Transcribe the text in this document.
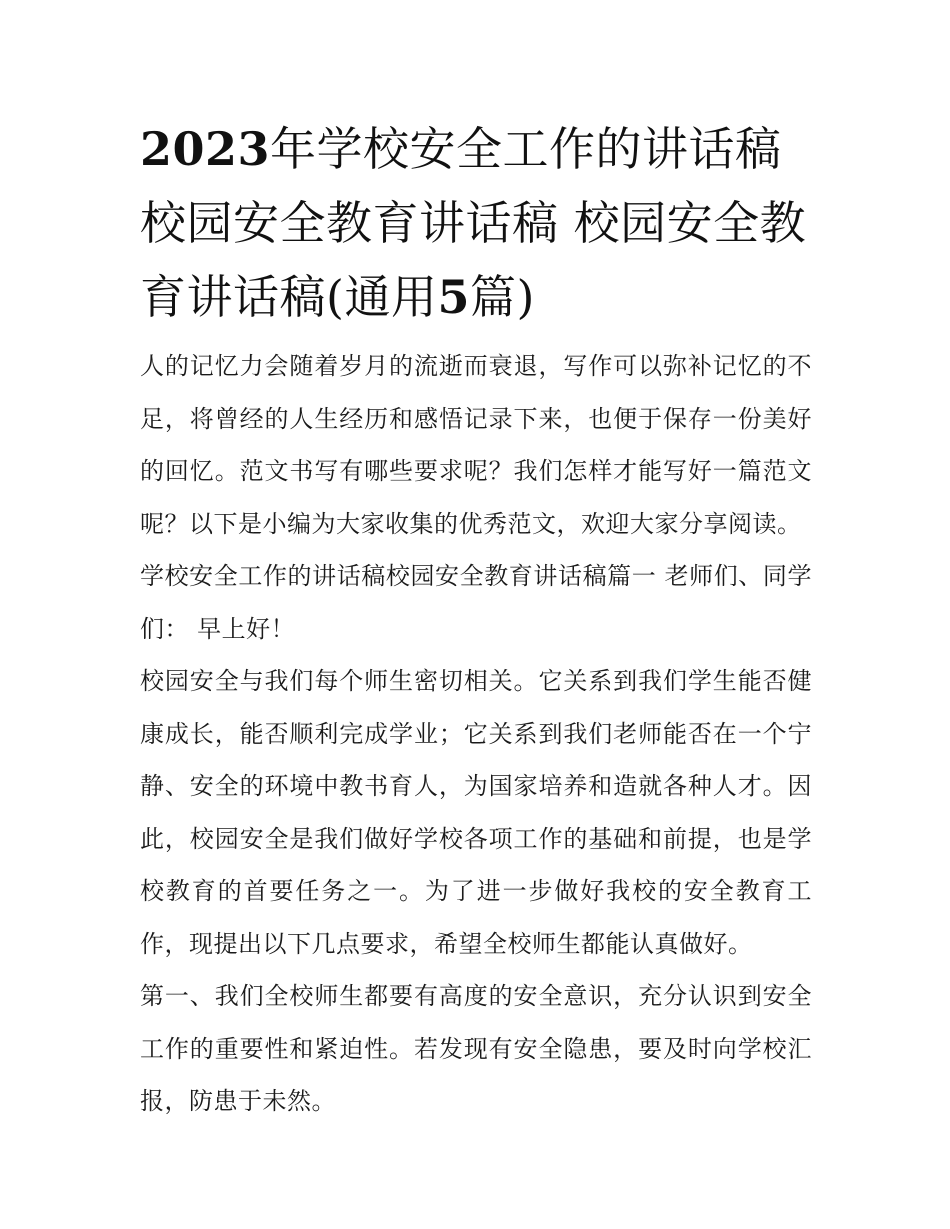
2023年学校安全工作的讲话稿校园安全教育讲话稿 校园安全教育讲话稿(通用5篇)

人的记忆力会随着岁月的流逝而衰退，写作可以弥补记忆的不足，将曾经的人生经历和感悟记录下来，也便于保存一份美好的回忆。范文书写有哪些要求呢？我们怎样才能写好一篇范文呢？以下是小编为大家收集的优秀范文，欢迎大家分享阅读。

学校安全工作的讲话稿校园安全教育讲话稿篇一 老师们、同学们： 早上好！

校园安全与我们每个师生密切相关。它关系到我们学生能否健康成长，能否顺利完成学业；它关系到我们老师能否在一个宁静、安全的环境中教书育人，为国家培养和造就各种人才。因此，校园安全是我们做好学校各项工作的基础和前提，也是学校教育的首要任务之一。为了进一步做好我校的安全教育工作，现提出以下几点要求，希望全校师生都能认真做好。

第一、我们全校师生都要有高度的安全意识，充分认识到安全工作的重要性和紧迫性。若发现有安全隐患，要及时向学校汇报，防患于未然。
